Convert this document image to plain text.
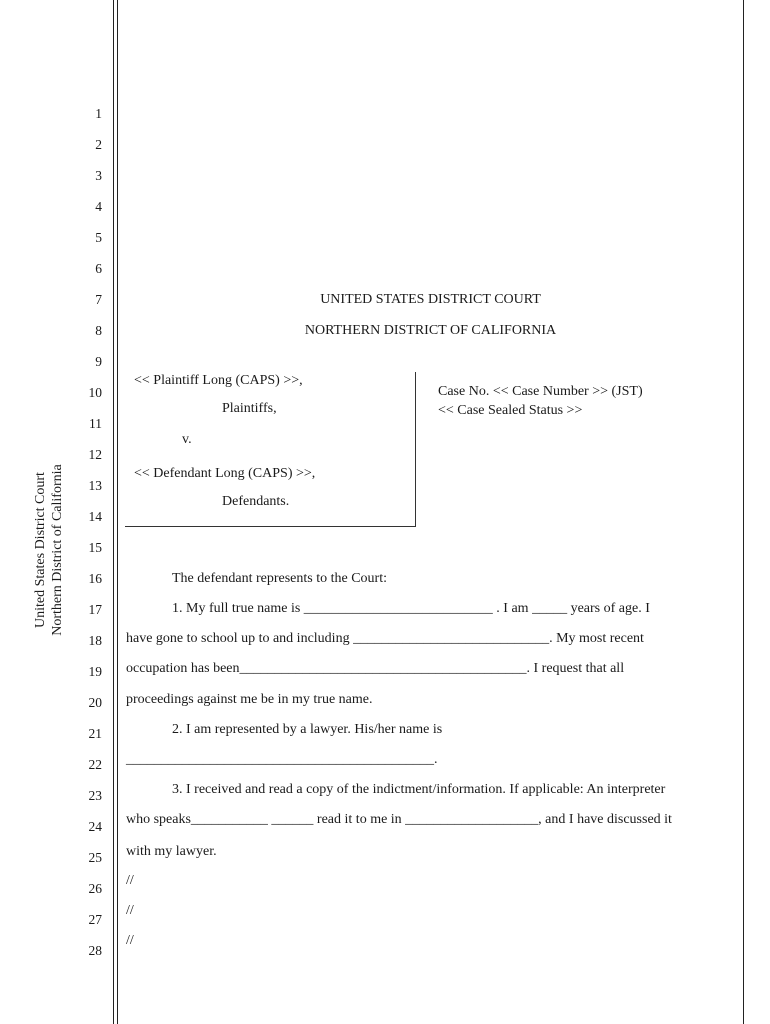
United States District Court Northern District of California
1
2
3
4
5
6
7
8
9
10
11
12
13
14
15
16
17
18
19
20
21
22
23
24
25
26
27
28
UNITED STATES DISTRICT COURT
NORTHERN DISTRICT OF CALIFORNIA
<< Plaintiff Long (CAPS) >>,
Plaintiffs,
v.
<< Defendant Long (CAPS) >>,
Defendants.
Case No. << Case Number >> (JST)
<< Case Sealed Status >>
The defendant represents to the Court:
1. My full true name is ___________________________ . I am _____ years of age. I
have gone to school up to and including ____________________________. My most recent
occupation has been_________________________________________. I request that all
proceedings against me be in my true name.
2. I am represented by a lawyer. His/her name is
____________________________________________.
3. I received and read a copy of the indictment/information. If applicable: An interpreter
who speaks___________ ______ read it to me in ___________________, and I have discussed it
with my lawyer.
//
//
//
